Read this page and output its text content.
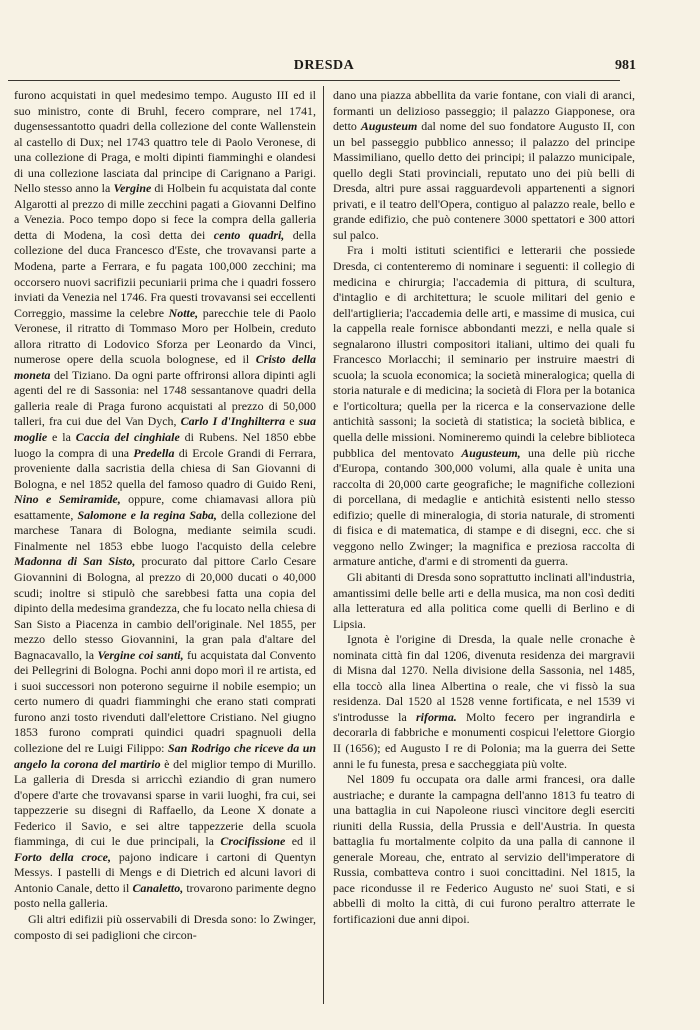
DRESDA	981

furono acquistati in quel medesimo tempo. Augusto III ed il suo ministro, conte di Bruhl, fecero comprare, nel 1741, dugensessantotto quadri della collezione del conte Wallenstein al castello di Dux; nel 1743 quattro tele di Paolo Veronese, di una collezione di Praga, e molti dipinti fiamminghi e olandesi di una collezione lasciata dal principe di Carignano a Parigi. Nello stesso anno la Vergine di Holbein fu acquistata dal conte Algarotti al prezzo di mille zecchini pagati a Giovanni Delfino a Venezia. Poco tempo dopo si fece la compra della galleria detta di Modena, la così detta dei cento quadri, della collezione del duca Francesco d'Este, che trovavansi parte a Modena, parte a Ferrara, e fu pagata 100,000 zecchini; ma occorsero nuovi sacrifizii pecuniarii prima che i quadri fossero inviati da Venezia nel 1746. Fra questi trovavansi sei eccellenti Correggio, massime la celebre Notte, parecchie tele di Paolo Veronese, il ritratto di Tommaso Moro per Holbein, creduto allora ritratto di Lodovico Sforza per Leonardo da Vinci, numerose opere della scuola bolognese, ed il Cristo della moneta del Tiziano. Da ogni parte offrironsi allora dipinti agli agenti del re di Sassonia: nel 1748 sessantanove quadri della galleria reale di Praga furono acquistati al prezzo di 50,000 talleri, fra cui due del Van Dych, Carlo I d'Inghilterra e sua moglie e la Caccia del cinghiale di Rubens. Nel 1850 ebbe luogo la compra di una Predella di Ercole Grandi di Ferrara, proveniente dalla sacristia della chiesa di San Giovanni di Bologna, e nel 1852 quella del famoso quadro di Guido Reni, Nino e Semiramide, oppure, come chiamavasi allora più esattamente, Salomone e la regina Saba, della collezione del marchese Tanara di Bologna, mediante seimila scudi. Finalmente nel 1853 ebbe luogo l'acquisto della celebre Madonna di San Sisto, procurato dal pittore Carlo Cesare Giovannini di Bologna, al prezzo di 20,000 ducati o 40,000 scudi; inoltre si stipulò che sarebbesi fatta una copia del dipinto della medesima grandezza, che fu locato nella chiesa di San Sisto a Piacenza in cambio dell'originale. Nel 1855, per mezzo dello stesso Giovannini, la gran pala d'altare del Bagnacavallo, la Vergine coi santi, fu acquistata dal Convento dei Pellegrini di Bologna. Pochi anni dopo morì il re artista, ed i suoi successori non poterono seguirne il nobile esempio; un certo numero di quadri fiamminghi che erano stati comprati furono anzi tosto rivenduti dall'elettore Cristiano. Nel giugno 1853 furono comprati quindici quadri spagnuoli della collezione del re Luigi Filippo: San Rodrigo che riceve da un angelo la corona del martirio è del miglior tempo di Murillo. La galleria di Dresda si arricchì eziandio di gran numero d'opere d'arte che trovavansi sparse in varii luoghi, fra cui, sei tappezzerie su disegni di Raffaello, da Leone X donate a Federico il Savio, e sei altre tappezzerie della scuola fiamminga, di cui le due principali, la Crocifissione ed il Forto della croce, pajono indicare i cartoni di Quentyn Messys. I pastelli di Mengs e di Dietrich ed alcuni lavori di Antonio Canale, detto il Canaletto, trovarono parimente degno posto nella galleria.

Gli altri edifizii più osservabili di Dresda sono: lo Zwinger, composto di sei padiglioni che circon-

dano una piazza abbellita da varie fontane, con viali di aranci, formanti un delizioso passeggio; il palazzo Giapponese, ora detto Augusteum dal nome del suo fondatore Augusto II, con un bel passeggio pubblico annesso; il palazzo del principe Massimiliano, quello detto dei principi; il palazzo municipale, quello degli Stati provinciali, reputato uno dei più belli di Dresda, altri pure assai ragguardevoli appartenenti a signori privati, e il teatro dell'Opera, contiguo al palazzo reale, bello e grande edifizio, che può contenere 3000 spettatori e 300 attori sul palco.

Fra i molti istituti scientifici e letterarii che possiede Dresda, ci contenteremo di nominare i seguenti: il collegio di medicina e chirurgia; l'accademia di pittura, di scultura, d'intaglio e di architettura; le scuole militari del genio e dell'artiglieria; l'accademia delle arti, e massime di musica, cui la cappella reale fornisce abbondanti mezzi, e nella quale si segnalarono illustri compositori italiani, ultimo dei quali fu Francesco Morlacchi; il seminario per instruire maestri di scuola; la scuola economica; la società mineralogica; quella di storia naturale e di medicina; la società di Flora per la botanica e l'orticoltura; quella per la ricerca e la conservazione delle antichità sassoni; la società di statistica; la società biblica, e quella delle missioni. Nomineremo quindi la celebre biblioteca pubblica del mentovato Augusteum, una delle più ricche d'Europa, contando 300,000 volumi, alla quale è unita una raccolta di 20,000 carte geografiche; le magnifiche collezioni di porcellana, di medaglie e antichità esistenti nello stesso edifizio; quelle di mineralogia, di storia naturale, di stromenti di fisica e di matematica, di stampe e di disegni, ecc. che si veggono nello Zwinger; la magnifica e preziosa raccolta di armature antiche, d'armi e di stromenti da guerra.

Gli abitanti di Dresda sono soprattutto inclinati all'industria, amantissimi delle belle arti e della musica, ma non così dediti alla letteratura ed alla politica come quelli di Berlino e di Lipsia.

Ignota è l'origine di Dresda, la quale nelle cronache è nominata città fin dal 1206, divenuta residenza dei margravii di Misna dal 1270. Nella divisione della Sassonia, nel 1485, ella toccò alla linea Albertina o reale, che vi fissò la sua residenza. Dal 1520 al 1528 venne fortificata, e nel 1539 vi s'introdusse la riforma. Molto fecero per ingrandirla e decorarla di fabbriche e monumenti cospicui l'elettore Giorgio II (1656); ed Augusto I re di Polonia; ma la guerra dei Sette anni le fu funesta, presa e saccheggiata più volte.

Nel 1809 fu occupata ora dalle armi francesi, ora dalle austriache; e durante la campagna dell'anno 1813 fu teatro di una battaglia in cui Napoleone riuscì vincitore degli eserciti riuniti della Russia, della Prussia e dell'Austria. In questa battaglia fu mortalmente colpito da una palla di cannone il generale Moreau, che, entrato al servizio dell'imperatore di Russia, combatteva contro i suoi concittadini. Nel 1815, la pace ricondusse il re Federico Augusto ne' suoi Stati, e si abbellì di molto la città, di cui furono peraltro atterrate le fortificazioni due anni dipoi.
